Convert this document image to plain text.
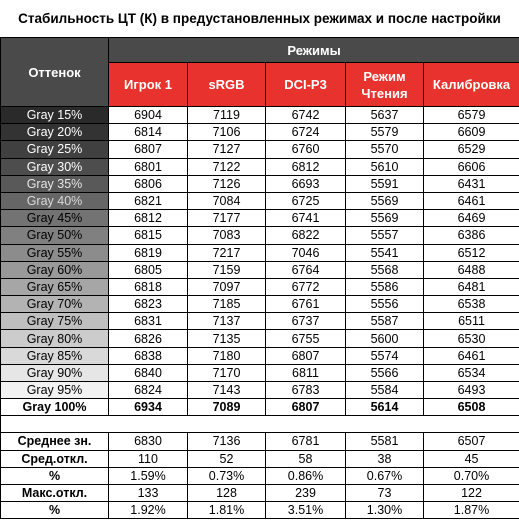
Стабильность ЦТ (К) в предустановленных режимах и после настройки
Оттенок	Режимы				
	Игрок 1	sRGB	DCI-P3	Режим Чтения	Калибровка
Gray 15%	6904	7119	6742	5637	6579
Gray 20%	6814	7106	6724	5579	6609
Gray 25%	6807	7127	6760	5570	6529
Gray 30%	6801	7122	6812	5610	6606
Gray 35%	6806	7126	6693	5591	6431
Gray 40%	6821	7084	6725	5569	6461
Gray 45%	6812	7177	6741	5569	6469
Gray 50%	6815	7083	6822	5557	6386
Gray 55%	6819	7217	7046	5541	6512
Gray 60%	6805	7159	6764	5568	6488
Gray 65%	6818	7097	6772	5586	6481
Gray 70%	6823	7185	6761	5556	6538
Gray 75%	6831	7137	6737	5587	6511
Gray 80%	6826	7135	6755	5600	6530
Gray 85%	6838	7180	6807	5574	6461
Gray 90%	6840	7170	6811	5566	6534
Gray 95%	6824	7143	6783	5584	6493
Gray 100%	6934	7089	6807	5614	6508

Среднее зн.	6830	7136	6781	5581	6507
Сред.откл.	110	52	58	38	45
%	1.59%	0.73%	0.86%	0.67%	0.70%
Макс.откл.	133	128	239	73	122
%	1.92%	1.81%	3.51%	1.30%	1.87%
